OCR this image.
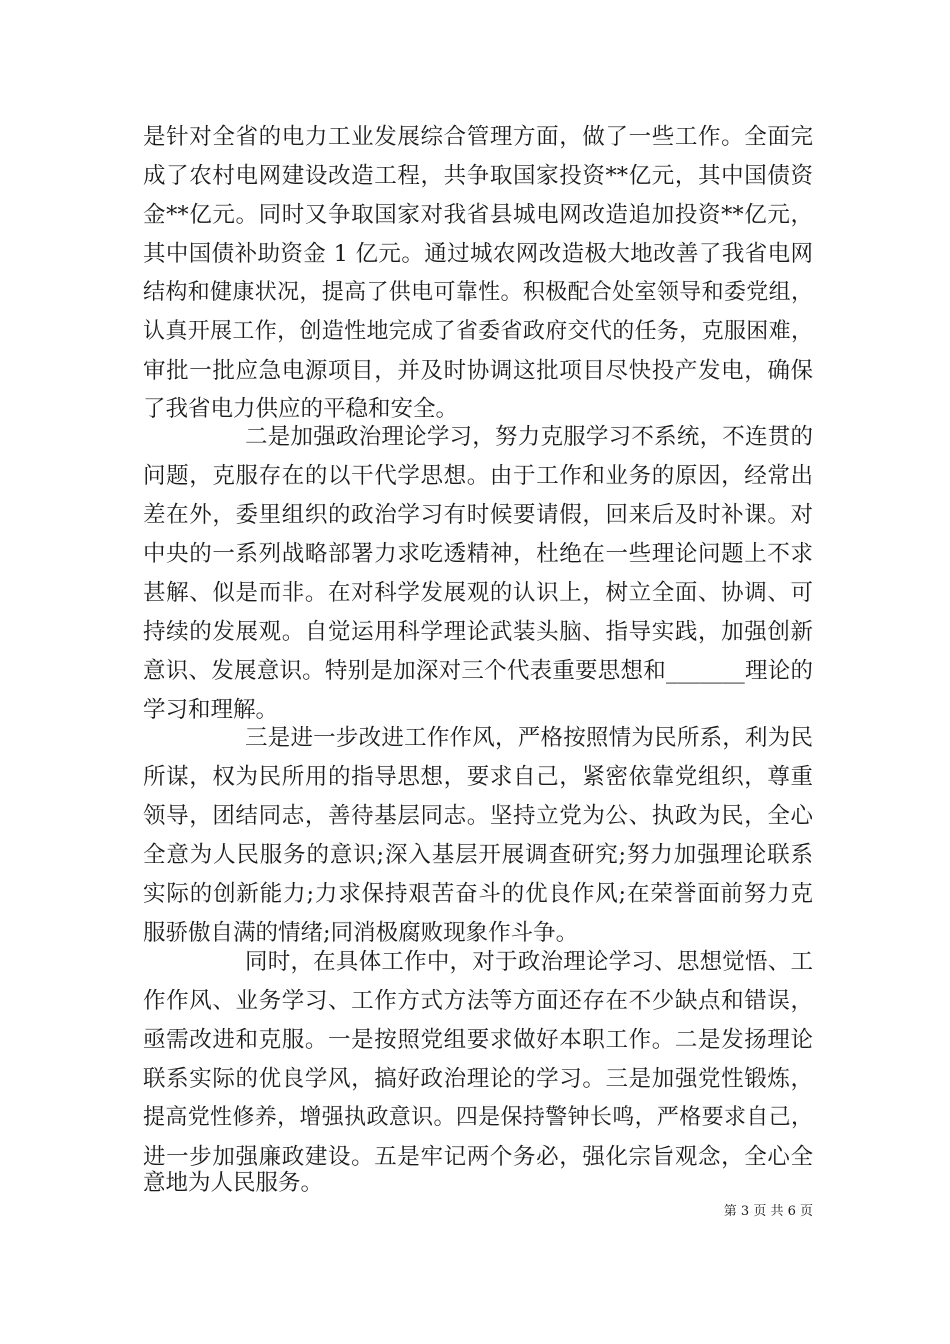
是针对全省的电力工业发展综合管理方面，做了一些工作。全面完
成了农村电网建设改造工程，共争取国家投资**亿元，其中国债资
金**亿元。同时又争取国家对我省县城电网改造追加投资**亿元，
其中国债补助资金 1 亿元。通过城农网改造极大地改善了我省电网
结构和健康状况，提高了供电可靠性。积极配合处室领导和委党组，
认真开展工作，创造性地完成了省委省政府交代的任务，克服困难，
审批一批应急电源项目，并及时协调这批项目尽快投产发电，确保
了我省电力供应的平稳和安全。
二是加强政治理论学习，努力克服学习不系统，不连贯的
问题，克服存在的以干代学思想。由于工作和业务的原因，经常出
差在外，委里组织的政治学习有时候要请假，回来后及时补课。对
中央的一系列战略部署力求吃透精神，杜绝在一些理论问题上不求
甚解、似是而非。在对科学发展观的认识上，树立全面、协调、可
持续的发展观。自觉运用科学理论武装头脑、指导实践，加强创新
意识、发展意识。特别是加深对三个代表重要思想和_______理论的
学习和理解。
三是进一步改进工作作风，严格按照情为民所系，利为民
所谋，权为民所用的指导思想，要求自己，紧密依靠党组织，尊重
领导，团结同志，善待基层同志。坚持立党为公、执政为民，全心
全意为人民服务的意识;深入基层开展调查研究;努力加强理论联系
实际的创新能力;力求保持艰苦奋斗的优良作风;在荣誉面前努力克
服骄傲自满的情绪;同消极腐败现象作斗争。
同时，在具体工作中，对于政治理论学习、思想觉悟、工
作作风、业务学习、工作方式方法等方面还存在不少缺点和错误，
亟需改进和克服。一是按照党组要求做好本职工作。二是发扬理论
联系实际的优良学风，搞好政治理论的学习。三是加强党性锻炼，
提高党性修养，增强执政意识。四是保持警钟长鸣，严格要求自己，
进一步加强廉政建设。五是牢记两个务必，强化宗旨观念，全心全
意地为人民服务。
第 3 页 共 6 页
